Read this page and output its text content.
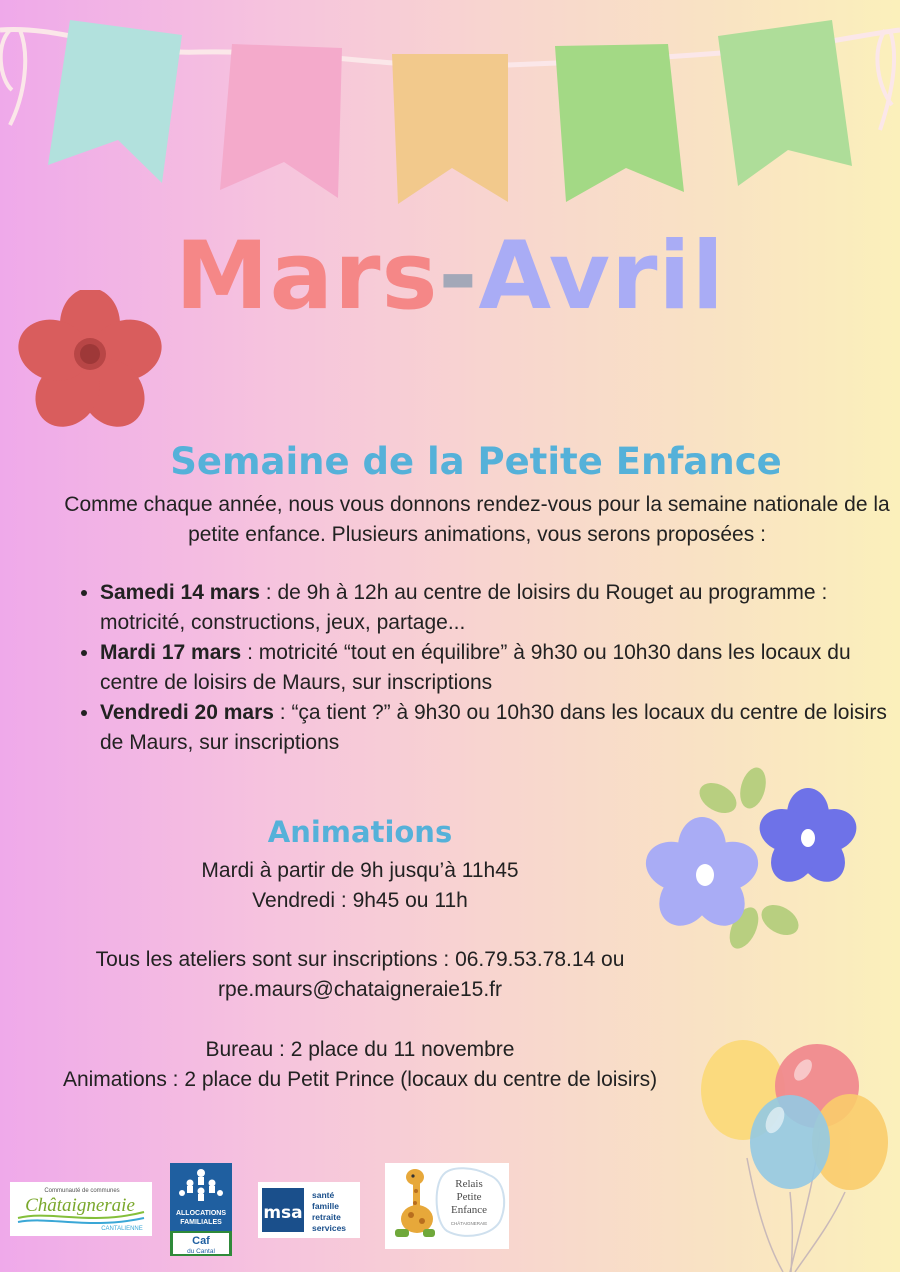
Mars-Avril
Semaine de la Petite Enfance
Comme chaque année, nous vous donnons rendez-vous pour la semaine nationale de la petite enfance. Plusieurs animations, vous serons proposées :
• Samedi 14 mars : de 9h à 12h au centre de loisirs du Rouget au programme : motricité, constructions, jeux, partage...
• Mardi 17 mars : motricité “tout en équilibre” à 9h30 ou 10h30 dans les locaux du centre de loisirs de Maurs, sur inscriptions
• Vendredi 20 mars : “ça tient ?” à 9h30 ou 10h30 dans les locaux du centre de loisirs de Maurs, sur inscriptions
Animations
Mardi à partir de 9h jusqu’à 11h45
Vendredi : 9h45 ou 11h
Tous les ateliers sont sur inscriptions : 06.79.53.78.14 ou
rpe.maurs@chataigneraie15.fr
Bureau : 2 place du 11 novembre
Animations : 2 place du Petit Prince (locaux du centre de loisirs)
Communauté de communes
Châtaigneraie
CANTALIENNE
ALLOCATIONS
FAMILIALES
Caf
du Cantal
msa
santé
famille
retraite
services
Relais
Petite
Enfance
CHÂTAIGNERAIE
